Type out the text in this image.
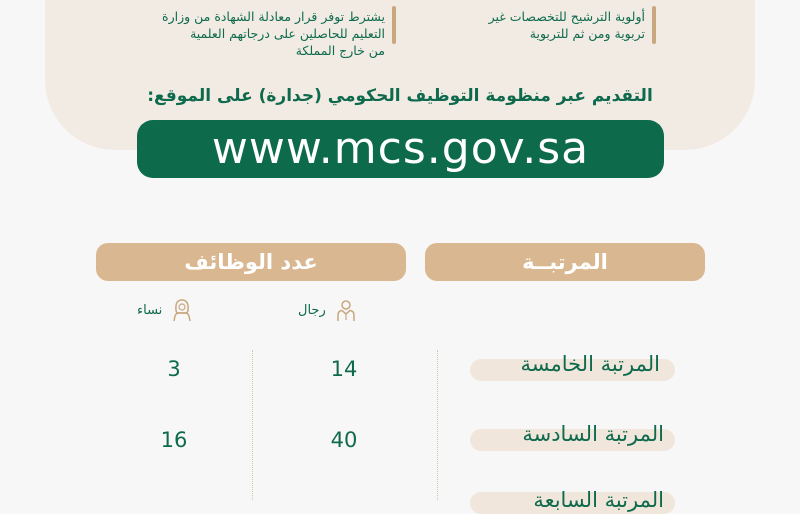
أولوية الترشيح للتخصصات غير
تربوية ومن ثم للتربوية
يشترط توفر قرار معادلة الشهادة من وزارة
التعليم للحاصلين على درجاتهم العلمية
من خارج المملكة
التقديم عبر منظومة التوظيف الحكومي (جدارة) على الموقع:
www.mcs.gov.sa
المرتبــة
عدد الوظائف
رجال
نساء
المرتبة الخامسة
14
3
المرتبة السادسة
40
16
المرتبة السابعة
